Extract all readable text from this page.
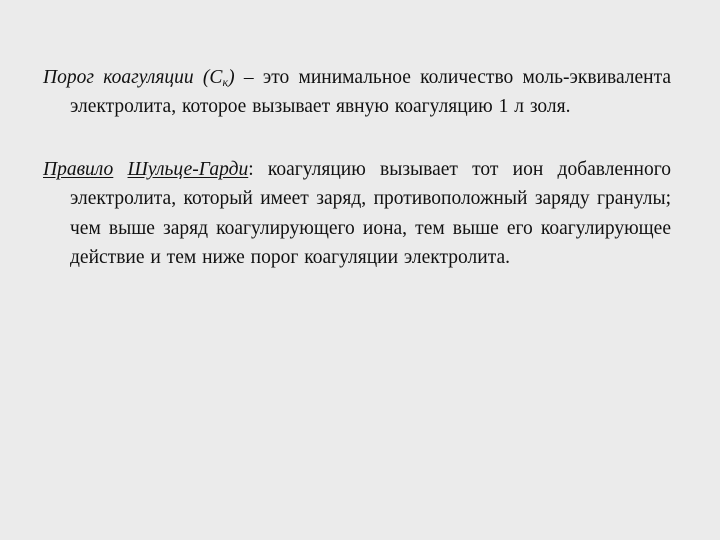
Порог коагуляции $(С_к)$ – это минимальное количество моль-эквивалента электролита, которое вызывает явную коагуляцию 1 л золя.

Правило Шульце-Гарди: коагуляцию вызывает тот ион добавленного электролита, который имеет заряд, противоположный заряду гранулы; чем выше заряд коагулирующего иона, тем выше его коагулирующее действие и тем ниже порог коагуляции электролита.
